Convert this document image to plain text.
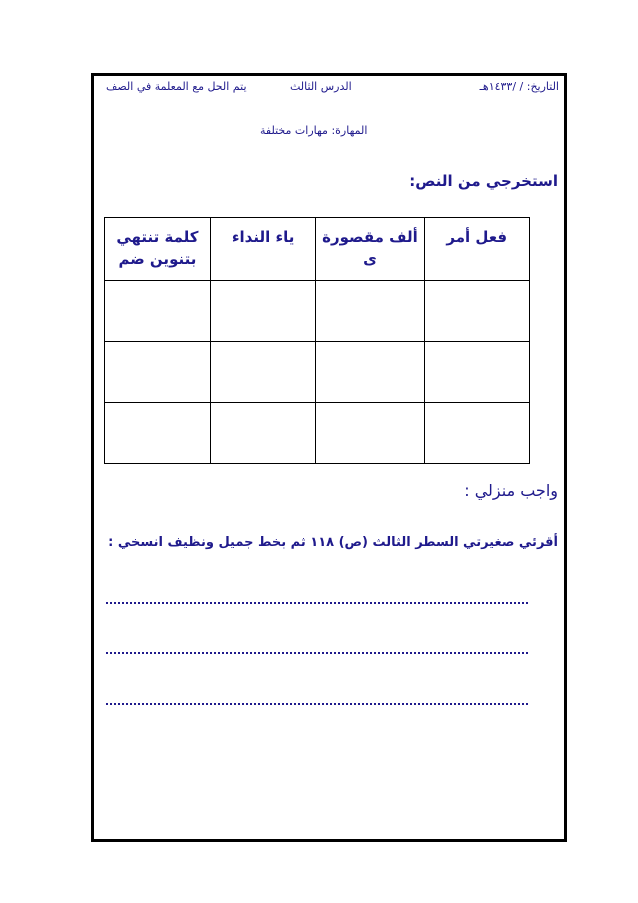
التاريخ: / /١٤٣٣هـ
الدرس الثالث
يتم الحل مع المعلمة في الصف
المهارة: مهارات مختلفة
استخرجي من النص:
فعل أمر	ألف مقصورة ى	ياء النداء	كلمة تنتهي بتنوين ضم

واجب منزلي :
أقرئي صغيرتي السطر الثالث (ص) ١١٨ ثم بخط جميل ونظيف انسخي :
